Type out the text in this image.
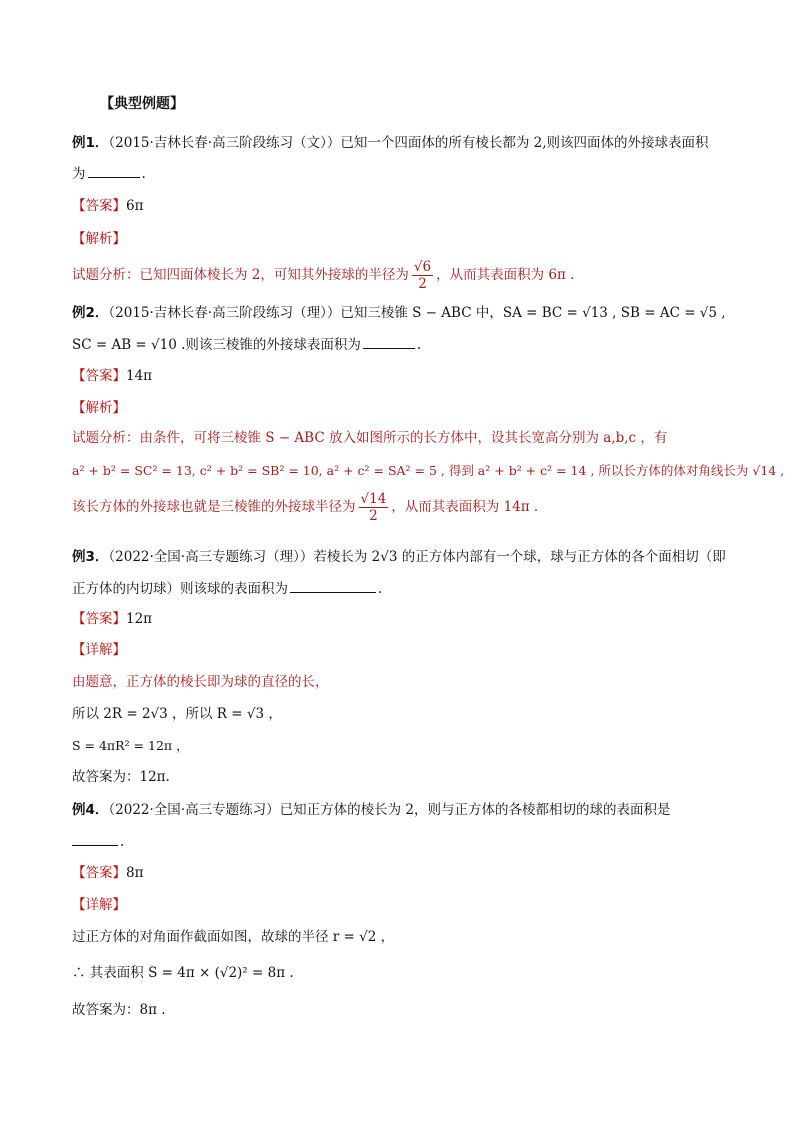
【典型例题】
例1．（2015·吉林长春·高三阶段练习（文））已知一个四面体的所有棱长都为 2,则该四面体的外接球表面积
为	.
【答案】6π
【解析】
试题分析：已知四面体棱长为 2，可知其外接球的半径为 $\frac{√6}{2}$ ，从而其表面积为 6π .
例2．（2015·吉林长春·高三阶段练习（理））已知三棱锥 S − ABC 中，SA = BC = √13 , SB = AC = √5 ,
SC = AB = √10 .则该三棱锥的外接球表面积为	.
【答案】14π
【解析】
试题分析：由条件，可将三棱锥 S − ABC 放入如图所示的长方体中，设其长宽高分别为 a,b,c ，有
a² + b² = SC² = 13, c² + b² = SB² = 10, a² + c² = SA² = 5 , 得到 a² + b² + c² = 14 , 所以长方体的体对角线长为 √14 ,
该长方体的外接球也就是三棱锥的外接球半径为 $\frac{√14}{2}$ ，从而其表面积为 14π .
例3．（2022·全国·高三专题练习（理））若棱长为 2√3 的正方体内部有一个球，球与正方体的各个面相切（即
正方体的内切球）则该球的表面积为	.
【答案】12π
【详解】
由题意，正方体的棱长即为球的直径的长，
所以 2R = 2√3 ，所以 R = √3 ，
S = 4πR² = 12π ，
故答案为：12π.
例4．（2022·全国·高三专题练习）已知正方体的棱长为 2，则与正方体的各棱都相切的球的表面积是
.
【答案】8π
【详解】
过正方体的对角面作截面如图，故球的半径 r = √2 ，
∴ 其表面积 S = 4π × (√2)² = 8π .
故答案为：8π .
